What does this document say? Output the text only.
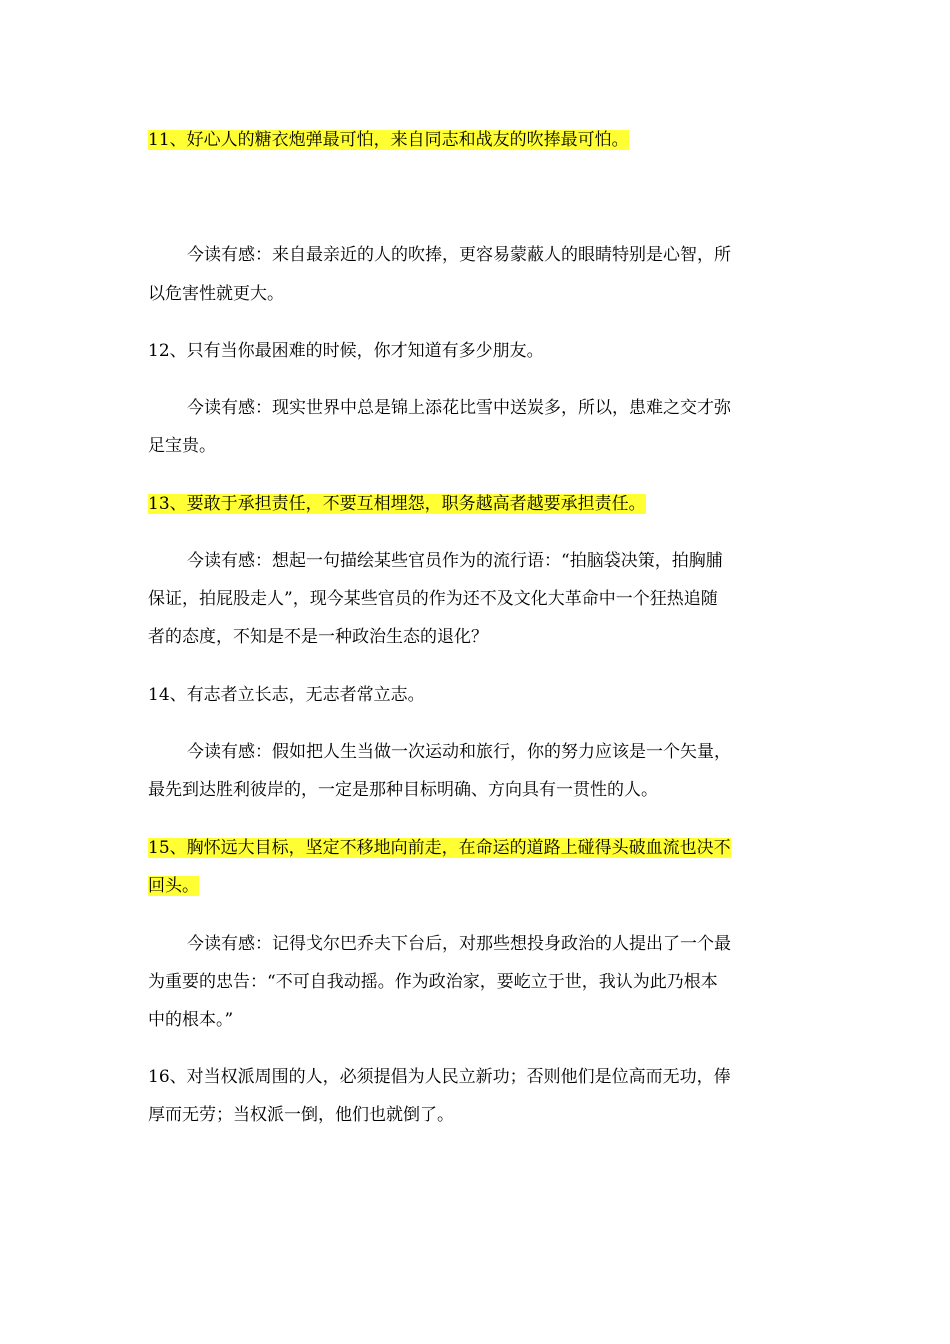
11、好心人的糖衣炮弹最可怕，来自同志和战友的吹捧最可怕。
今读有感：来自最亲近的人的吹捧，更容易蒙蔽人的眼睛特别是心智，所
以危害性就更大。
12、只有当你最困难的时候，你才知道有多少朋友。
今读有感：现实世界中总是锦上添花比雪中送炭多，所以，患难之交才弥
足宝贵。
13、要敢于承担责任，不要互相埋怨，职务越高者越要承担责任。
今读有感：想起一句描绘某些官员作为的流行语：“拍脑袋决策，拍胸脯
保证，拍屁股走人”，现今某些官员的作为还不及文化大革命中一个狂热追随
者的态度，不知是不是一种政治生态的退化？
14、有志者立长志，无志者常立志。
今读有感：假如把人生当做一次运动和旅行，你的努力应该是一个矢量，
最先到达胜利彼岸的，一定是那种目标明确、方向具有一贯性的人。
15、胸怀远大目标，坚定不移地向前走，在命运的道路上碰得头破血流也决不
回头。
今读有感：记得戈尔巴乔夫下台后，对那些想投身政治的人提出了一个最
为重要的忠告：“不可自我动摇。作为政治家，要屹立于世，我认为此乃根本
中的根本。”
16、对当权派周围的人，必须提倡为人民立新功；否则他们是位高而无功，俸
厚而无劳；当权派一倒，他们也就倒了。
